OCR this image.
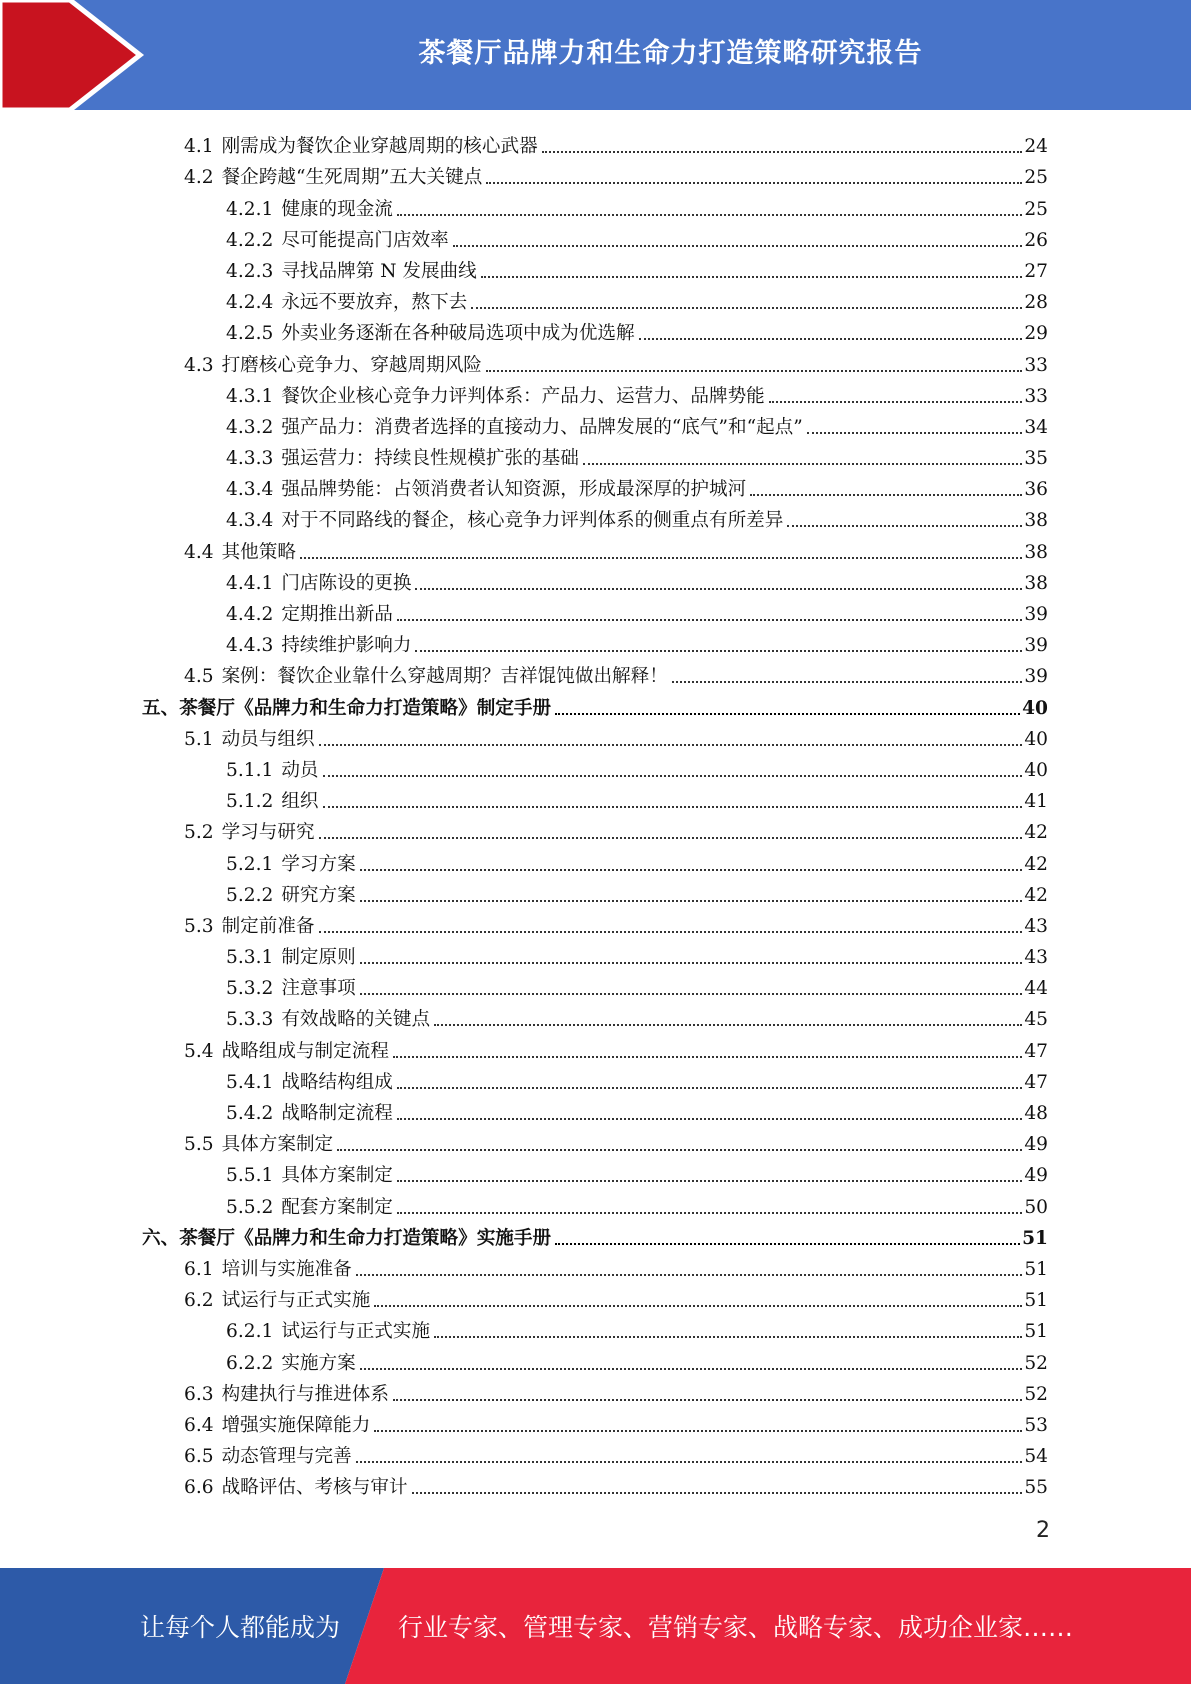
茶餐厅品牌力和生命力打造策略研究报告
4.1 刚需成为餐饮企业穿越周期的核心武器	24
4.2 餐企跨越“生死周期”五大关键点	25
4.2.1 健康的现金流	25
4.2.2 尽可能提高门店效率	26
4.2.3 寻找品牌第 N 发展曲线	27
4.2.4 永远不要放弃，熬下去	28
4.2.5 外卖业务逐渐在各种破局选项中成为优选解	29
4.3 打磨核心竞争力、穿越周期风险	33
4.3.1 餐饮企业核心竞争力评判体系：产品力、运营力、品牌势能	33
4.3.2 强产品力：消费者选择的直接动力、品牌发展的“底气”和“起点”	34
4.3.3 强运营力：持续良性规模扩张的基础	35
4.3.4 强品牌势能：占领消费者认知资源，形成最深厚的护城河	36
4.3.4 对于不同路线的餐企，核心竞争力评判体系的侧重点有所差异	38
4.4 其他策略	38
4.4.1 门店陈设的更换	38
4.4.2 定期推出新品	39
4.4.3 持续维护影响力	39
4.5 案例：餐饮企业靠什么穿越周期？吉祥馄饨做出解释！	39
五、 茶餐厅《品牌力和生命力打造策略》制定手册	40
5.1 动员与组织	40
5.1.1 动员	40
5.1.2 组织	41
5.2 学习与研究	42
5.2.1 学习方案	42
5.2.2 研究方案	42
5.3 制定前准备	43
5.3.1 制定原则	43
5.3.2 注意事项	44
5.3.3 有效战略的关键点	45
5.4 战略组成与制定流程	47
5.4.1 战略结构组成	47
5.4.2 战略制定流程	48
5.5 具体方案制定	49
5.5.1 具体方案制定	49
5.5.2 配套方案制定	50
六、 茶餐厅《品牌力和生命力打造策略》实施手册	51
6.1 培训与实施准备	51
6.2 试运行与正式实施	51
6.2.1 试运行与正式实施	51
6.2.2 实施方案	52
6.3 构建执行与推进体系	52
6.4 增强实施保障能力	53
6.5 动态管理与完善	54
6.6 战略评估、考核与审计	55
2
让每个人都能成为 行业专家、管理专家、营销专家、战略专家、成功企业家……
